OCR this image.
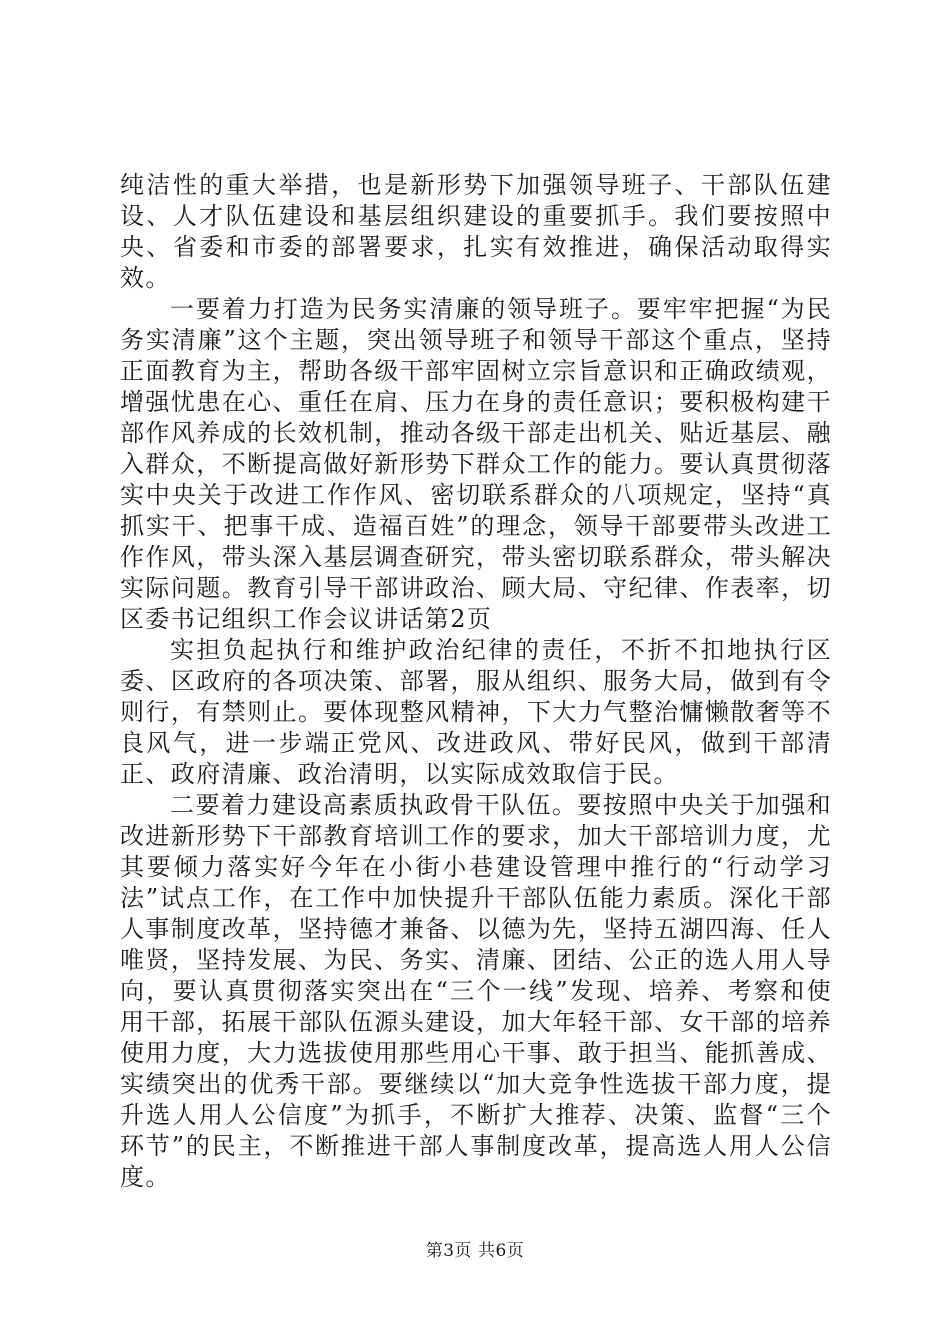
纯洁性的重大举措，也是新形势下加强领导班子、干部队伍建设、人才队伍建设和基层组织建设的重要抓手。我们要按照中央、省委和市委的部署要求，扎实有效推进，确保活动取得实效。

一要着力打造为民务实清廉的领导班子。要牢牢把握“为民务实清廉”这个主题，突出领导班子和领导干部这个重点，坚持正面教育为主，帮助各级干部牢固树立宗旨意识和正确政绩观，增强忧患在心、重任在肩、压力在身的责任意识；要积极构建干部作风养成的长效机制，推动各级干部走出机关、贴近基层、融入群众，不断提高做好新形势下群众工作的能力。要认真贯彻落实中央关于改进工作作风、密切联系群众的八项规定，坚持“真抓实干、把事干成、造福百姓”的理念，领导干部要带头改进工作作风，带头深入基层调查研究，带头密切联系群众，带头解决实际问题。教育引导干部讲政治、顾大局、守纪律、作表率，切区委书记组织工作会议讲话第2页

实担负起执行和维护政治纪律的责任，不折不扣地执行区委、区政府的各项决策、部署，服从组织、服务大局，做到有令则行，有禁则止。要体现整风精神，下大力气整治慵懒散奢等不良风气，进一步端正党风、改进政风、带好民风，做到干部清正、政府清廉、政治清明，以实际成效取信于民。

二要着力建设高素质执政骨干队伍。要按照中央关于加强和改进新形势下干部教育培训工作的要求，加大干部培训力度，尤其要倾力落实好今年在小街小巷建设管理中推行的“行动学习法”试点工作，在工作中加快提升干部队伍能力素质。深化干部人事制度改革，坚持德才兼备、以德为先，坚持五湖四海、任人唯贤，坚持发展、为民、务实、清廉、团结、公正的选人用人导向，要认真贯彻落实突出在“三个一线”发现、培养、考察和使用干部，拓展干部队伍源头建设，加大年轻干部、女干部的培养使用力度，大力选拔使用那些用心干事、敢于担当、能抓善成、实绩突出的优秀干部。要继续以“加大竞争性选拔干部力度，提升选人用人公信度”为抓手，不断扩大推荐、决策、监督“三个环节”的民主，不断推进干部人事制度改革，提高选人用人公信度。

第3页 共6页
